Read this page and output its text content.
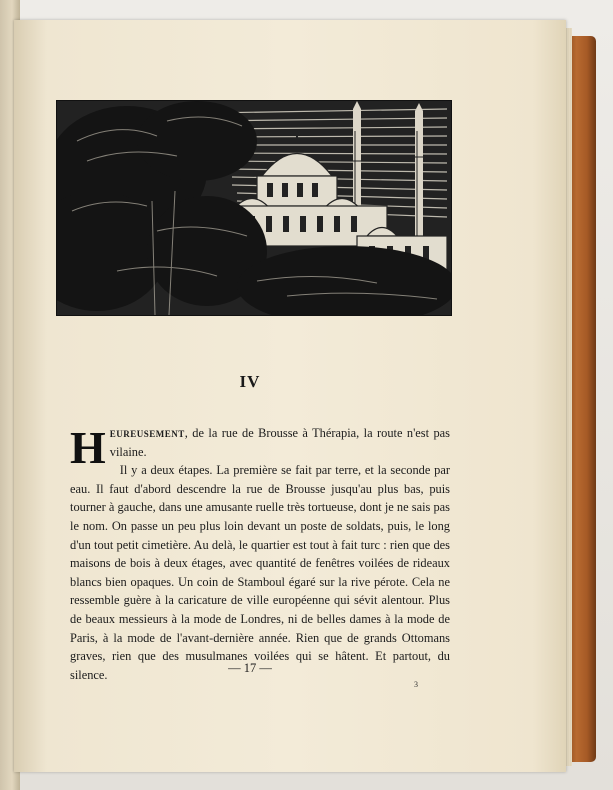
IV

Heureusement, de la rue de Brousse à Thérapia, la route n'est pas vilaine.

Il y a deux étapes. La première se fait par terre, et la seconde par eau. Il faut d'abord descendre la rue de Brousse jusqu'au plus bas, puis tourner à gauche, dans une amusante ruelle très tortueuse, dont je ne sais pas le nom. On passe un peu plus loin devant un poste de soldats, puis, le long d'un tout petit cimetière. Au delà, le quartier est tout à fait turc : rien que des maisons de bois à deux étages, avec quantité de fenêtres voilées de rideaux blancs bien opaques. Un coin de Stamboul égaré sur la rive pérote. Cela ne ressemble guère à la caricature de ville européenne qui sévit alentour. Plus de beaux messieurs à la mode de Londres, ni de belles dames à la mode de Paris, à la mode de l'avant-dernière année. Rien que de grands Ottomans graves, rien que des musulmanes voilées qui se hâtent. Et partout, du silence.	— 17 —
3
